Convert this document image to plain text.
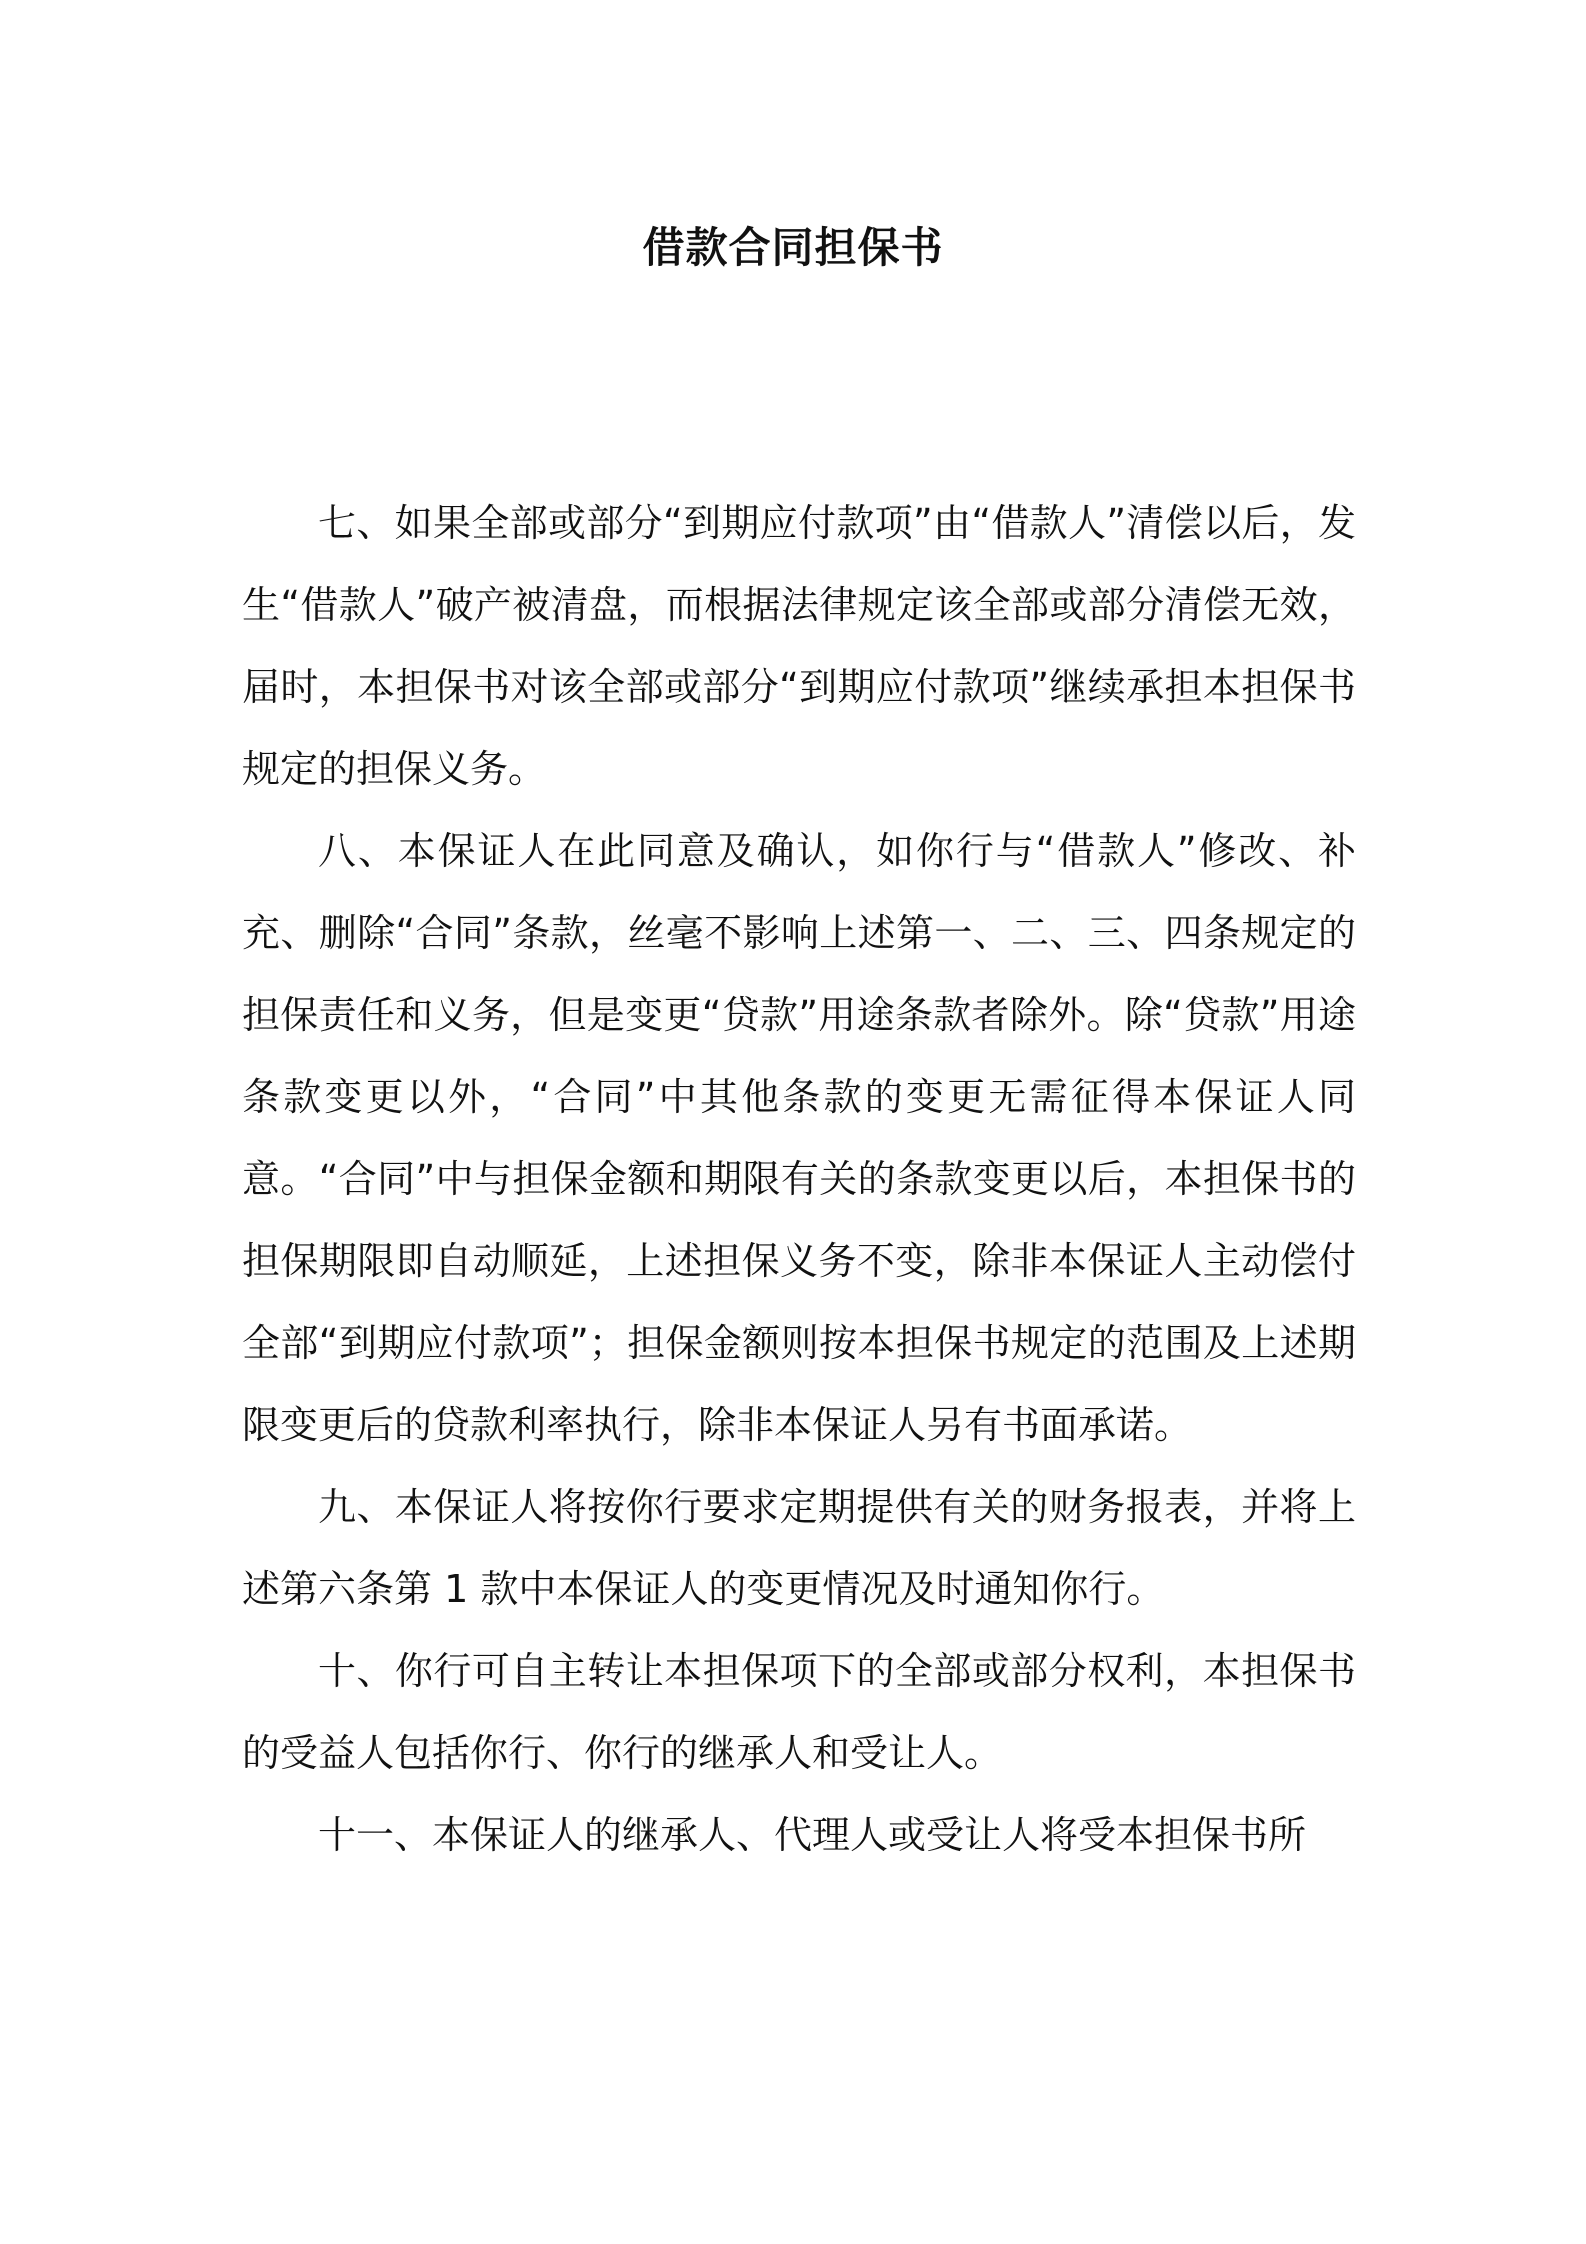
借款合同担保书

七、如果全部或部分“到期应付款项”由“借款人”清偿以后，发生“借款人”破产被清盘，而根据法律规定该全部或部分清偿无效，届时，本担保书对该全部或部分“到期应付款项”继续承担本担保书规定的担保义务。

八、本保证人在此同意及确认，如你行与“借款人”修改、补充、删除“合同”条款，丝毫不影响上述第一、二、三、四条规定的担保责任和义务，但是变更“贷款”用途条款者除外。除“贷款”用途条款变更以外，“合同”中其他条款的变更无需征得本保证人同意。“合同”中与担保金额和期限有关的条款变更以后，本担保书的担保期限即自动顺延，上述担保义务不变，除非本保证人主动偿付全部“到期应付款项”；担保金额则按本担保书规定的范围及上述期限变更后的贷款利率执行，除非本保证人另有书面承诺。

九、本保证人将按你行要求定期提供有关的财务报表，并将上述第六条第 1 款中本保证人的变更情况及时通知你行。

十、你行可自主转让本担保项下的全部或部分权利，本担保书的受益人包括你行、你行的继承人和受让人。

十一、本保证人的继承人、代理人或受让人将受本担保书所
